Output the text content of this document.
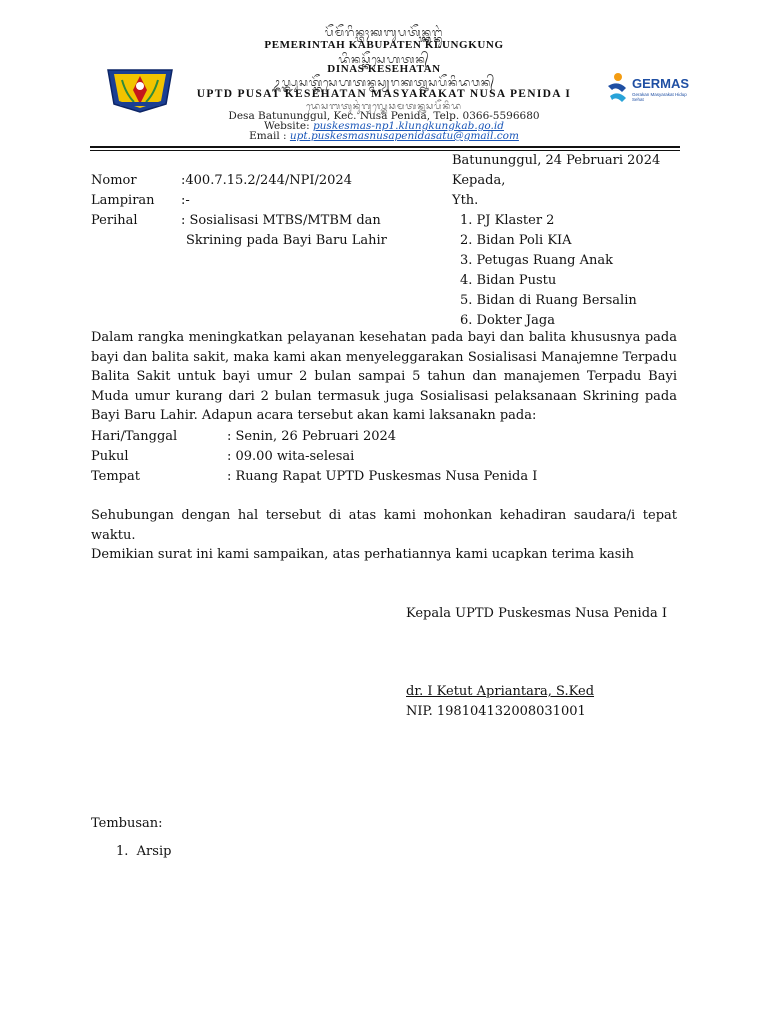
ᬧᭂᬫᭂᬭᬶᬦ᭄ᬢᬄᬓᬩᬸᬧᬢᭂᬦ᭄ᬓ᭄ᬮᬸᬗ᭄ᬓᬸᬂ
PEMERINTAH KABUPATEN KLUNGKUNG
ᬤᬶᬦᬲ᭄ᬓᭂᬲᬾᬳᬢᬦ᭄
DINAS KESEHATAN
ᬉᬧ᭄ᬢ᭄ᬤ᭄ᬧᬸᬲᬢ᭄ᬓᭂᬲᬾᬳᬢᬦ᭄ᬫᬲ᭄ᬬᬭᬓᬢ᭄ᬦᬸᬲᬧᭂᬦᬶᬤᬯᬦ᭄
UPTD PUSAT KESEHATAN MASYARAKAT NUSA PENIDA I
ᬤᬾᬲᬩᬢᬸᬦᬸᬂᬕᬸᬮ᭄ᬓᬾᬘᬫᬢᬦ᭄ᬦᬸᬲᬧᭂᬦᬶᬤ
Desa Batununggul, Kec. Nusa Penida, Telp. 0366-5596680
Website: puskesmas-np1.klungkungkab.go.id
Email : upt.puskesmasnusapenidasatu@gmail.com
GERMAS
Gerakan Masyarakat Hidup Sehat
Batununggul, 24 Pebruari 2024
Nomor	:400.7.15.2/244/NPI/2024	Kepada,
Lampiran :-	Yth.
Perihal	: Sosialisasi MTBS/MTBM dan
Skrining pada Bayi Baru Lahir
1. PJ Klaster 2
2. Bidan Poli KIA
3. Petugas Ruang Anak
4. Bidan Pustu
5. Bidan di Ruang Bersalin
6. Dokter Jaga
Dalam rangka meningkatkan pelayanan kesehatan pada bayi dan balita khususnya pada bayi dan balita sakit, maka kami akan menyeleggarakan Sosialisasi Manajemne Terpadu Balita Sakit untuk bayi umur 2 bulan sampai 5 tahun dan manajemen Terpadu Bayi Muda umur kurang dari 2 bulan termasuk juga Sosialisasi pelaksanaan Skrining pada Bayi Baru Lahir. Adapun acara tersebut akan kami laksanakn pada:
Hari/Tanggal	: Senin, 26 Pebruari 2024
Pukul	: 09.00 wita-selesai
Tempat	: Ruang Rapat UPTD Puskesmas Nusa Penida I
Sehubungan dengan hal tersebut di atas kami mohonkan kehadiran saudara/i tepat waktu.
Demikian surat ini kami sampaikan, atas perhatiannya kami ucapkan terima kasih
Kepala UPTD Puskesmas Nusa Penida I
dr. I Ketut Apriantara, S.Ked
NIP. 198104132008031001
Tembusan:
1.  Arsip
